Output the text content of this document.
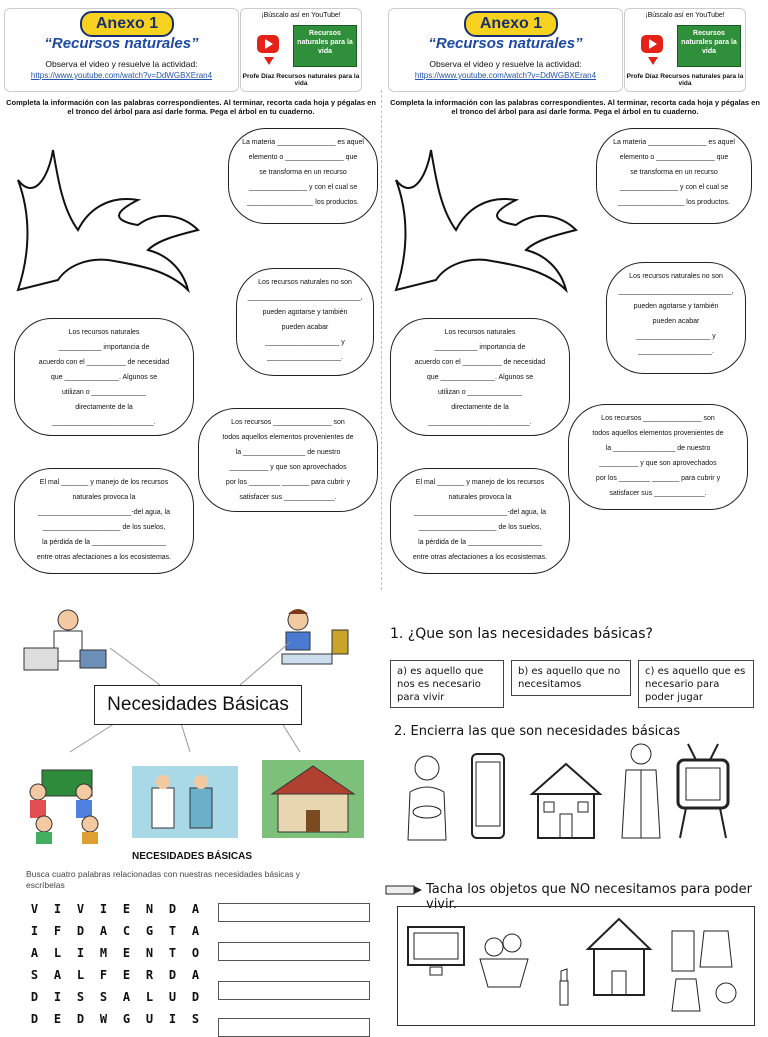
Anexo 1
“Recursos naturales”
Observa el video y resuelve la actividad:
https://www.youtube.com/watch?v=DdWGBXEran4
¡Búscalo así en YouTube!
Recursos naturales para la vida
Profe Díaz Recursos naturales para la vida
Completa la información con las palabras correspondientes. Al terminar, recorta cada hoja y pégalas en el tronco del árbol para así darle forma. Pega el árbol en tu cuaderno.
La materia _______________ es aquel
elemento o _______________ que
se transforma en un recurso
_______________ y con el cual se
_________________ los productos.
Los recursos naturales no son
_____________________________,
pueden agotarse y también
pueden acabar
___________________ y
___________________.
Los recursos naturales
___________ importancia de
acuerdo con el __________ de necesidad
que ______________. Algunos se
utilizan o ______________
directamente de la
__________________________.	Los recursos _______________ son
todos aquellos elementos provenientes de
la ________________ de nuestro
__________ y que son aprovechados
por los ________ _______ para cubrir y
satisfacer sus _____________.
El mal _______ y manejo de los recursos
naturales provoca la
________________________-del agua, la
____________________ de los suelos,
la pérdida de la ___________________
entre otras afectaciones a los ecosistemas.
Anexo 1
“Recursos naturales”
Observa el video y resuelve la actividad:
https://www.youtube.com/watch?v=DdWGBXEran4
¡Búscalo así en YouTube!
Recursos naturales para la vida
Profe Díaz Recursos naturales para la vida
Completa la información con las palabras correspondientes. Al terminar, recorta cada hoja y pégalas en el tronco del árbol para así darle forma. Pega el árbol en tu cuaderno.
La materia _______________ es aquel
elemento o _______________ que
se transforma en un recurso
_______________ y con el cual se
_________________ los productos.
Los recursos naturales no son
_____________________________,
pueden agotarse y también
pueden acabar
___________________ y
___________________.
Los recursos naturales
___________ importancia de
acuerdo con el __________ de necesidad
que ______________. Algunos se
utilizan o ______________
directamente de la
__________________________.
Los recursos _______________ son
todos aquellos elementos provenientes de
la ________________ de nuestro
__________ y que son aprovechados
por los ________ _______ para cubrir y
satisfacer sus _____________.
El mal _______ y manejo de los recursos
naturales provoca la
________________________-del agua, la
____________________ de los suelos,
la pérdida de la ___________________
entre otras afectaciones a los ecosistemas.
Necesidades Básicas
1. ¿Que son las necesidades básicas?
a) es aquello que nos es necesario para vivir
b) es aquello que no necesitamos
c) es aquello que es necesario para poder jugar
2. Encierra las que son necesidades básicas
NECESIDADES BÁSICAS
Busca cuatro palabras relacionadas con nuestras necesidades básicas y escríbelas
V	I	V	I	E	N	D	A
I	F	D	A	C	G	T	A
A	L	I	M	E	N	T	O
S	A	L	F	E	R	D	A
D	I	S	S	A	L	U	D
D	E	D	W	G	U	I	S
Tacha los objetos que NO necesitamos para poder vivir.
